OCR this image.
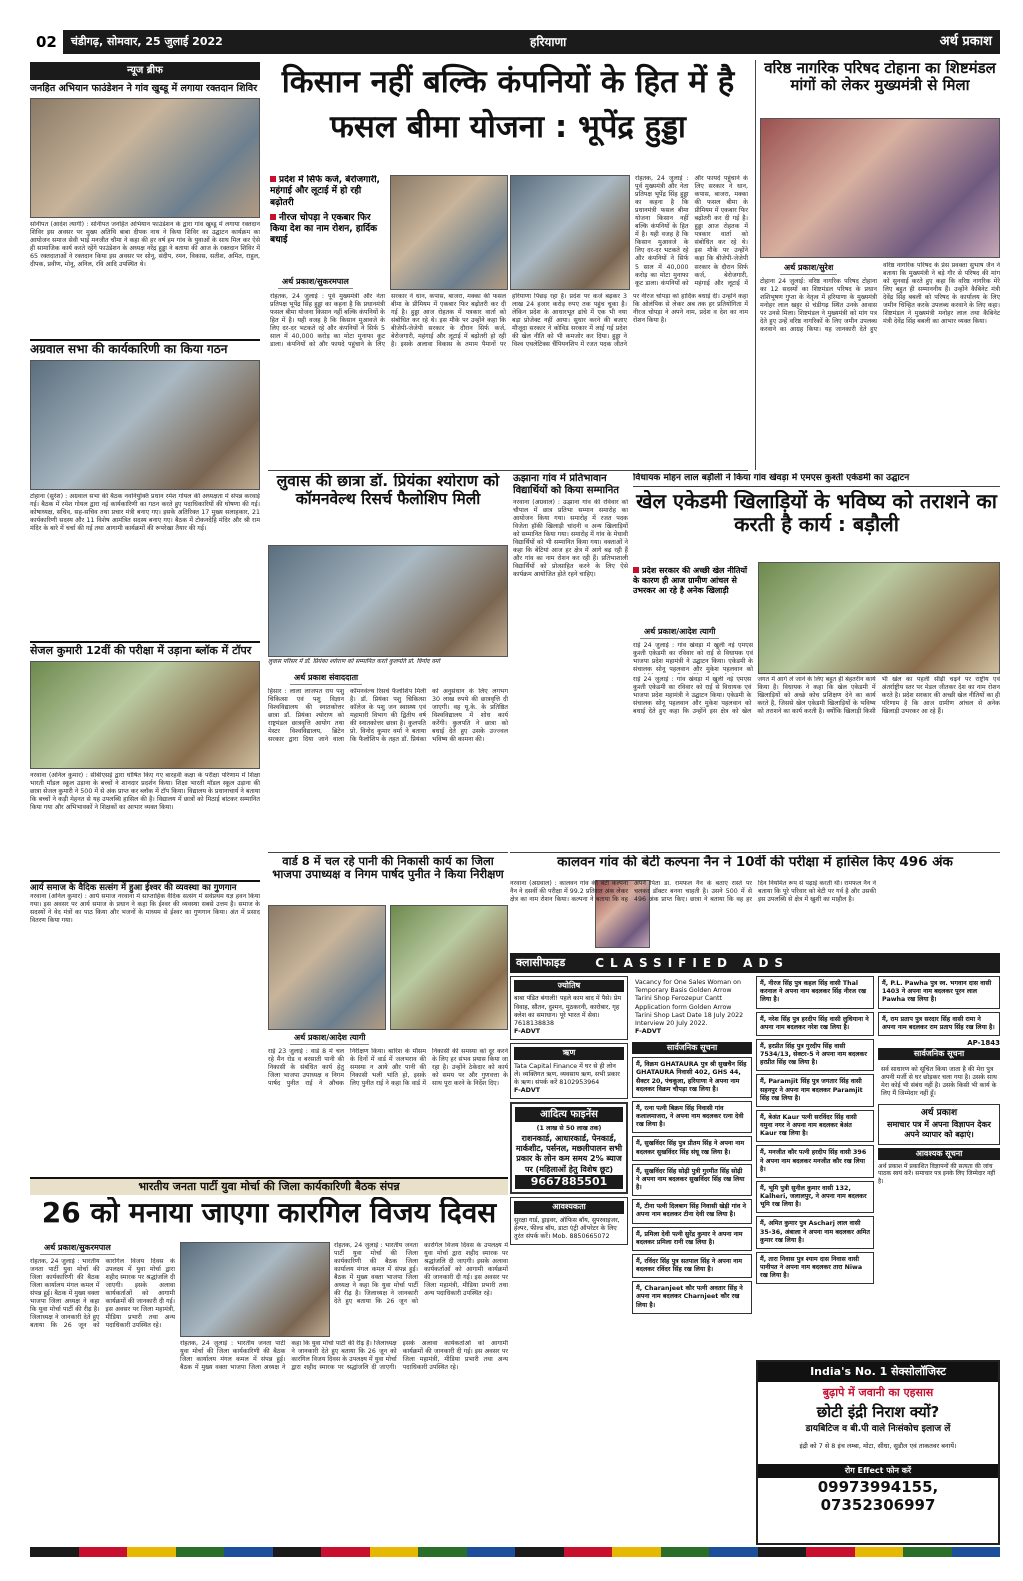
02	चंडीगढ़, सोमवार, 25 जुलाई 2022	हरियाणा	अर्थ प्रकाश
न्यूज ब्रीफ
जनहित अभियान फाउंडेशन ने गांव खुब्डू में लगाया रक्तदान शिविर
सोनीपत (आदेश त्यागी) : सोनीपत जनहित अभियान फाउंडेशन के द्वारा गांव खुब्डू में लगाया रक्तदान शिविर इस अवसर पर मुख्य अतिथि बाबा दीपक नाथ ने किया शिविर का उद्घाटन कार्यक्रम का आयोजन समाज सेवी भाई मनजीत चौमा ने कहा की हर वर्ष हम गांव के युवाओं के साथ मिल कर ऐसे ही सामाजिक कार्य करते रहेंगे फाउंडेशन के अध्यक्ष नरेंद्र हुड्डा ने बताया की आज के रक्तदान शिविर में 65 रक्तदाताओं ने रक्तदान किया इस अवसर पर सोनू, संदीप, रमन, विकास, सतीश, अमित, राहुल, दीपक, प्रवीण, मोनू, अनिल, रवि आदि उपस्थित थे।
अग्रवाल सभा की कार्यकारिणी का किया गठन
टोहाना (सुरेश) : अग्रवाल सभा की बैठक नवनियुक्ति प्रधान रमेश गोयल की अध्यक्षता में संपन्न करवाई गई। बैठक में रमेश गोयल द्वारा नई कार्यकारिणी का गठन करते हुए पदाधिकारियों की घोषणा की गई। कोषाध्यक्ष, सचिव, सह-सचिव तथा प्रचार मंत्री बनाए गए। इसके अतिरिक्त 17 मुख्य सलाहकार, 21 कार्यकारिणी सदस्य और 11 विशेष आमंत्रित सदस्य बनाए गए। बैठक में टोकनदेहि मंदिर और श्री राम मंदिर के बारे में चर्चा की गई तथा आगामी कार्यक्रमों की रूपरेखा तैयार की गई।
सेजल कुमारी 12वीं की परीक्षा में उड़ाना ब्लॉक में टॉपर
नरवाना (अनिल कुमार) : सीबीएसई द्वारा घोषित किए गए बारहवीं कक्षा के परीक्षा परिणाम में शिक्षा भारती मॉडल स्कूल उड़ाना के बच्चों ने शानदार प्रदर्शन किया। शिक्षा भारती मॉडल स्कूल उड़ाना की छात्रा सेजल कुमारी ने 500 में से अंक प्राप्त कर ब्लॉक में टॉप किया। विद्यालय के प्रधानाचार्य ने बताया कि बच्चों ने कड़ी मेहनत से यह उपलब्धि हासिल की है। विद्यालय में छात्रों को मिठाई बांटकर सम्मानित किया गया और अभिभावकों ने शिक्षकों का आभार व्यक्त किया।
आर्य समाज के वैदिक सत्संग में हुआ ईश्वर की व्यवस्था का गुणगान
नरवाना (अनिल कुमार) : आर्य समाज नरवाना में साप्ताहिक वैदिक सत्संग में सर्वप्रथम यज्ञ हवन किया गया। इस अवसर पर आर्य समाज के प्रधान ने कहा कि ईश्वर की व्यवस्था सबसे उत्तम है। समाज के सदस्यों ने वेद मंत्रों का पाठ किया और भजनों के माध्यम से ईश्वर का गुणगान किया। अंत में प्रसाद वितरण किया गया।
किसान नहीं बल्कि कंपनियों के हित में है फसल बीमा योजना : भूपेंद्र हुड्डा
प्रदेश में सिर्फ कर्ज, बेरोजगारी, महंगाई और लूटाई में हो रही बढ़ोतरी
नीरज चोपड़ा ने एकबार फिर किया देश का नाम रोशन, हार्दिक बधाई
अर्थ प्रकाश/सुकरमपाल
रोहतक, 24 जुलाई : पूर्व मुख्यमंत्री और नेता प्रतिपक्ष भूपेंद्र सिंह हुड्डा का कहना है कि प्रधानमंत्री फसल बीमा योजना किसान नहीं बल्कि कंपनियों के हित में है। यही वजह है कि किसान मुआवजे के लिए दर-दर भटकते रहे और कंपनियों ने सिर्फ 5 साल में 40,000 करोड़ का मोटा मुनाफा कूट डाला। कंपनियों को और फायदे पहुंचाने के लिए सरकार ने धान, कपास, बाजरा, मक्का की फसल बीमा के प्रीमियम में एकबार फिर बढ़ोतरी कर दी गई है। हुड्डा आज रोहतक में पत्रकार वार्ता को संबोधित कर रहे थे। इस मौके पर उन्होंने कहा कि बीजेपी-जेजेपी सरकार के दौरान सिर्फ कर्ज, बेरोजगारी, महंगाई और लूटाई में बढ़ोतरी हो रही है। इसके अलावा विकास के तमाम पैमानों पर हरियाणा पिछड़ रहा है। प्रदेश पर कर्ज बढ़कर 3 लाख 24 हजार करोड़ रुपए तक पहुंच चुका है। लेकिन प्रदेश के आधारभूत ढांचे में एक भी नया बड़ा प्रोजेक्ट नहीं आया। सुधार करने की बजाए मौजूदा सरकार ने कोविड सरकार में लाई गई प्रदेश की खेल नीति को भी कमजोर कर दिया। हुड्डा ने विश्व एथलेटिक्स चैंपियनशिप में रजत पदक जीतने पर नीरज चोपड़ा को हार्दिक बधाई दी। उन्होंने कहा कि ओलंपिक से लेकर अब तक हर प्रतियोगिता में नीरज चोपड़ा ने अपने नाम, प्रदेश व देश का नाम रोशन किया है।
रोहतक, 24 जुलाई : पूर्व मुख्यमंत्री और नेता प्रतिपक्ष भूपेंद्र सिंह हुड्डा का कहना है कि प्रधानमंत्री फसल बीमा योजना किसान नहीं बल्कि कंपनियों के हित में है। यही वजह है कि किसान मुआवजे के लिए दर-दर भटकते रहे और कंपनियों ने सिर्फ 5 साल में 40,000 करोड़ का मोटा मुनाफा कूट डाला। कंपनियों को और फायदे पहुंचाने के लिए सरकार ने धान, कपास, बाजरा, मक्का की फसल बीमा के प्रीमियम में एकबार फिर बढ़ोतरी कर दी गई है। हुड्डा आज रोहतक में पत्रकार वार्ता को संबोधित कर रहे थे। इस मौके पर उन्होंने कहा कि बीजेपी-जेजेपी सरकार के दौरान सिर्फ कर्ज, बेरोजगारी, महंगाई और लूटाई में
वरिष्ठ नागरिक परिषद टोहाना का शिष्टमंडल मांगों को लेकर मुख्यमंत्री से मिला
अर्थ प्रकाश/सुरेश
टोहाना 24 जुलाई: वरिष्ठ नागरिक परिषद टोहाना का 12 सदस्यों का शिष्टमंडल परिषद के प्रधान शशिभूषण गुप्ता के नेतृत्व में हरियाणा के मुख्यमंत्री मनोहर लाल खट्टर से चंडीगढ़ स्थित उनके आवास पर उनसे मिला। शिष्टमंडल ने मुख्यमंत्री को मांग पत्र देते हुए उन्हें वरिष्ठ नागरिकों के लिए जमीन उपलब्ध करवाने का आग्रह किया। यह जानकारी देते हुए वरिष्ठ नागरिक परिषद के प्रेस प्रवक्ता सुभाष जैन ने बताया कि मुख्यमंत्री ने बड़े गौर से परिषद की मांग को सुनवाई करते हुए कहा कि वरिष्ठ नागरिक मेरे लिए बहुत ही सम्माननीय हैं। उन्होंने कैबिनेट मंत्री देवेंद्र सिंह बबली को परिषद के कार्यालय के लिए जमीन चिन्हित करके उपलब्ध करवाने के लिए कहा। शिष्टमंडल ने मुख्यमंत्री मनोहर लाल तथा कैबिनेट मंत्री देवेंद्र सिंह बबली का आभार व्यक्त किया।
लुवास की छात्रा डॉ. प्रियंका श्योराण को कॉमनवेल्थ रिसर्च फैलोशिप मिली
लुवास परिसर में डॉ. प्रियंका श्योराण को सम्मानित करते कुलपति प्रो. विनोद वर्मा
अर्थ प्रकाश संवाददाता
हिसार : लाला लाजपत राय पशु चिकित्सा एवं पशु विज्ञान विश्वविद्यालय की स्नातकोत्तर छात्रा डॉ. प्रियंका श्योराण को राष्ट्रमंडल छात्रवृत्ति आयोग तथा मेस्टर विश्वविद्यालय, ब्रिटेन सरकार द्वारा दिया जाने वाला कॉमनवेल्थ रिसर्च फैलोशिप मिली है। डॉ. प्रियंका पशु चिकित्सा कॉलेज के पशु जन स्वास्थ्य एवं महामारी विभाग की द्वितीय वर्ष की स्नातकोत्तर छात्रा है। कुलपति प्रो. विनोद कुमार वर्मा ने बताया कि फैलोशिप के तहत डॉ. प्रियंका को अनुसंधान के लिए लगभग 30 लाख रुपये की छात्रवृत्ति दी जाएगी। वह यू.के. के प्रतिष्ठित विश्वविद्यालय में शोध कार्य करेंगी। कुलपति ने छात्रा को बधाई देते हुए उसके उज्ज्वल भविष्य की कामना की।
ऊझाना गांव में प्रतिभावान विद्यार्थियों को किया सम्मानित
नरवाना (अग्रवाल) : ऊझाना गांव की रविवार को चौपाल में छात्र प्रतिभा सम्मान समारोह का आयोजन किया गया। समारोह में रजत पदक विजेता हॉकी खिलाड़ी चांदनी व अन्य खिलाड़ियों को सम्मानित किया गया। समारोह में गांव के मेधावी विद्यार्थियों को भी सम्मानित किया गया। वक्ताओं ने कहा कि बेटियां आज हर क्षेत्र में आगे बढ़ रही हैं और गांव का नाम रोशन कर रही हैं। प्रतिभाशाली विद्यार्थियों को प्रोत्साहित करने के लिए ऐसे कार्यक्रम आयोजित होते रहने चाहिए।
विधायक मोहन लाल बड़ौली ने किया गांव खेवड़ा में एमएस कुश्ती एकेडमी का उद्घाटन
खेल एकेडमी खिलाड़ियों के भविष्य को तराशने का करती है कार्य : बड़ौली
प्रदेश सरकार की अच्छी खेल नीतियों के कारण ही आज ग्रामीण आंचल से उभरकर आ रहे है अनेक खिलाड़ी
अर्थ प्रकाश/आदेश त्यागी
राई 24 जुलाई : गांव खेवड़ा में खुली नई एमएस कुश्ती एकेडमी का रविवार को राई से विधायक एवं भाजपा प्रदेश महामंत्री ने उद्घाटन किया। एकेडमी के संचालक सोनू पहलवान और मुकेश पहलवान को बधाई देते हुए कहा कि उन्होंने इस क्षेत्र को खेल जगत में आगे ले जाने के लिए बहुत ही बेहतरीन कार्य किया है। विधायक ने कहा कि खेल एकेडमी में खिलाड़ियों को अच्छे कोच प्रशिक्षण देने का कार्य करते है, जिससे खेल एकेडमी खिलाड़ियों के भविष्य को तराशने का कार्य करती है। क्योंकि खिलाड़ी किसी भी खेल का पहली सीढ़ी चढ़ने पर राष्ट्रीय एवं अंतर्राष्ट्रीय स्तर पर मेडल जीतकर देश का नाम रोशन करते है। प्रदेश सरकार की अच्छी खेल नीतियों का ही परिणाम है कि आज ग्रामीण आंचल से अनेक खिलाड़ी उभरकर आ रहे हैं।
राई 24 जुलाई : गांव खेवड़ा में खुली नई एमएस कुश्ती एकेडमी का रविवार को राई से विधायक एवं भाजपा प्रदेश महामंत्री ने उद्घाटन किया। एकेडमी के संचालक सोनू पहलवान और मुकेश पहलवान को
वार्ड 8 में चल रहे पानी की निकासी कार्य का जिला भाजपा उपाध्यक्ष व निगम पार्षद पुनीत ने किया निरीक्षण
अर्थ प्रकाश/आदेश त्यागी
राई 23 जुलाई : वार्ड 8 में चल रहे मैन रोड व बरसाती पानी की निकासी के संबंधित कार्य हेतु जिला भाजपा उपाध्यक्ष व निगम पार्षद पुनीत राई ने औचक निरीक्षण किया। बारिश के मौसम के दिनों में वार्ड में जलभराव की समस्या न आये और पानी की निकासी भली भांति हो, इसके लिए पुनीत राई ने कहा कि वार्ड में निकासी की समस्या को दूर करने के लिए हर संभव प्रयास किया जा रहा है। उन्होंने ठेकेदार को कार्य को समय पर और गुणवत्ता के साथ पूरा करने के निर्देश दिए।
कालवन गांव की बेटी कल्पना नैन ने 10वीं की परीक्षा में हासिल किए 496 अंक
नरवाना (अग्रवाल) : कालवन गांव की बेटी कल्पना नैन ने दसवीं की परीक्षा में 99.2 प्रतिशत अंक लेकर क्षेत्र का नाम रोशन किया। कल्पना ने बताया कि वह अपने पिता डा. रामफल नैन के बताए रास्ते पर चलकर डॉक्टर बनना चाहती है। उसने 500 में से 496 अंक प्राप्त किए। छात्रा ने बताया कि वह हर दिन नियमित रूप से पढ़ाई करती थी। रामफल नैन ने बताया कि पूरे परिवार को बेटी पर गर्व है और उसकी इस उपलब्धि से क्षेत्र में खुशी का माहौल है।
क्लासीफाइड	CLASSIFIED ADS
ज्योतिष
बाबा पंडित बंगाली! पहले काम बाद में पैसे। प्रेम विवाह, सौतन, दुश्मन, मुठकरनी, कारोबार, गृह क्लेश का समाधान। पूरे भारत में सेवा। 7618138838
F-ADVT
ऋण
Tata Capital Finance में घर से ही लोन लें। व्यक्तिगत ऋण, व्यवसाय ऋण, सभी प्रकार के ऋण। संपर्क करें 8102953964
F-ADVT
आदित्य फाइनेंस
(1 लाख से 50 लाख तक)
राशनकार्ड, आधारकार्ड, पेनकार्ड, मार्कशीट, पर्सनल, मछलीपालन सभी प्रकार के लोन कम समय 2% ब्याज पर (महिलाओं हेतु विशेष छूट)
9667885501
आवश्यकता
सुरक्षा गार्ड, ड्राइवर, ऑफिस बॉय, सुपरवाइजर, हेल्पर, फील्ड बॉय, डाटा एंट्री ऑपरेटर के लिए तुरंत संपर्क करें। Mob. 8850665072
Vacancy for One Sales Woman on Temporary Basis Golden Arrow Tarini Shop Ferozepur Cantt Application form Golden Arrow Tarini Shop Last Date 18 July 2022 Interview 20 July 2022.
F-ADVT
सार्वजनिक सूचना
मैं, विक्रम GHATAURA पुत्र श्री सुखचैन सिंह GHATAURA निवासी 402, GHS 44, सैक्टर 20, पंचकूला, हरियाणा ने अपना नाम बदलकर विक्रम चौपड़ा रख लिया है।
मैं, रत्ना पत्नी बिक्रम सिंह निवासी गांव कलालमाजरा, ने अपना नाम बदलकर रत्ना देवी रख लिया है।
मैं, सुखविंदर सिंह पुत्र प्रीतम सिंह ने अपना नाम बदलकर सुखविंदर सिंह संधू रख लिया है।
मैं, सुखविंदर सिंह सोढ़ी पुत्री गुरमीत सिंह सोढ़ी ने अपना नाम बदलकर सुखविंदर सिंह रख लिया है।
मैं, टीना पत्नी दिलबाग सिंह निवासी खेड़ी गांव ने अपना नाम बदलकर टीना देवी रख लिया है।
मैं, प्रमिला देवी पत्नी सुरेंद्र कुमार ने अपना नाम बदलकर प्रमिला रानी रख लिया है।
मैं, रविंदर सिंह पुत्र सतपाल सिंह ने अपना नाम बदलकर रविंदर सिंह रख लिया है।
मैं, Charanjeet कौर पत्नी अवतार सिंह ने अपना नाम बदलकर Charnjeet कौर रख लिया है।
मैं, नीरज सिंह पुत्र कहल सिंह वासी Thal करनाल ने अपना नाम बदलकर सिंह नीरज रख लिया है।
मैं, नरेश सिंह पुत्र हरदीप सिंह वासी लुधियाना ने अपना नाम बदलकर नरेश रख लिया है।
मैं, हरप्रीत सिंह पुत्र गुरदीप सिंह वासी 7534/13, सेक्टर-5 ने अपना नाम बदलकर हरप्रीत सिंह रख लिया है।
मैं, Paramjit सिंह पुत्र जगतार सिंह वासी सहनपुर ने अपना नाम बदलकर Paramjit सिंह रख लिया है।
मैं, बेअंत Kaur पत्नी सरविंदर सिंह वासी यमुना नगर ने अपना नाम बदलकर बेअंत Kaur रख लिया है।
मैं, मनजीत कौर पत्नी हरदीप सिंह वासी 396 ने अपना नाम बदलकर मनजीत कौर रख लिया है।
मैं, भूमि पुत्री सुनील कुमार वासी 132, Kalheri, जलालपुर, ने अपना नाम बदलकर भूमि रख लिया है।
मैं, अमित कुमार पुत्र Ascharj लाल वासी 35-36, अंबाला ने अपना नाम बदलकर अमित कुमार रख लिया है।
मैं, तारा निवास पुत्र श्याम दास निवास वासी पानीपत ने अपना नाम बदलकर तारा Niwa रख लिया है।
मैं, P.L. Pawha पुत्र स्व. भगवान दास वासी 1403 ने अपना नाम बदलकर पूरन लाल Pawha रख लिया है।
मैं, राम प्रताप पुत्र सरदार सिंह वासी रामा ने अपना नाम बदलकर राम प्रताप सिंह रख लिया है।
AP-1843
सार्वजनिक सूचना
सर्व साधारण को सूचित किया जाता है की मेरा पुत्र अपनी मर्जी से घर छोड़कर चला गया है। उसके साथ मेरा कोई भी संबंध नहीं है। उसके किसी भी कार्य के लिए मैं जिम्मेदार नहीं हूँ।
अर्थ प्रकाश
समाचार पत्र में अपना विज्ञापन देकर अपने व्यापार को बढ़ाएं।
आवश्यक सूचना
अर्थ प्रकाश में प्रकाशित विज्ञापनों की सत्यता की जांच पाठक स्वयं करें। समाचार पत्र इनके लिए जिम्मेदार नहीं है।
India's No. 1 सेक्सोलॉजिस्ट
बुढ़ापे में जवानी का एहसास
छोटी इंद्री निराश क्यों?
डायबिटिज व बी.पी वाले निःसंकोच इलाज लें
इंद्री को 7 से 8 इंच लम्बा, मोटा, सीधा, सुडौल एवं ताकतवर बनायें।
रोग Effect फोन करें
09973994155, 07352306997
भारतीय जनता पार्टी युवा मोर्चा की जिला कार्यकारिणी बैठक संपन्न
26 को मनाया जाएगा कारगिल विजय दिवस
अर्थ प्रकाश/सुकरमपाल
रोहतक, 24 जुलाई : भारतीय जनता पार्टी युवा मोर्चा की जिला कार्यकारिणी की बैठक जिला कार्यालय मंगल कमल में संपन्न हुई। बैठक में मुख्य वक्ता भाजपा जिला अध्यक्ष ने कहा कि युवा मोर्चा पार्टी की रीढ़ है। जिलाध्यक्ष ने जानकारी देते हुए बताया कि 26 जून को कारगिल विजय दिवस के उपलक्ष्य में युवा मोर्चा द्वारा शहीद स्मारक पर श्रद्धांजलि दी जाएगी। इसके अलावा कार्यकर्ताओं को आगामी कार्यक्रमों की जानकारी दी गई। इस अवसर पर जिला महामंत्री, मीडिया प्रभारी तथा अन्य पदाधिकारी उपस्थित रहे।
रोहतक, 24 जुलाई : भारतीय जनता पार्टी युवा मोर्चा की जिला कार्यकारिणी की बैठक जिला कार्यालय मंगल कमल में संपन्न हुई। बैठक में मुख्य वक्ता भाजपा जिला अध्यक्ष ने कहा कि युवा मोर्चा पार्टी की रीढ़ है। जिलाध्यक्ष ने जानकारी देते हुए बताया कि 26 जून को कारगिल विजय दिवस के उपलक्ष्य में युवा मोर्चा द्वारा शहीद स्मारक पर श्रद्धांजलि दी जाएगी। इसके अलावा कार्यकर्ताओं को आगामी कार्यक्रमों की जानकारी दी गई। इस अवसर पर जिला महामंत्री, मीडिया प्रभारी तथा अन्य पदाधिकारी उपस्थित रहे।
रोहतक, 24 जुलाई : भारतीय जनता पार्टी युवा मोर्चा की जिला कार्यकारिणी की बैठक जिला कार्यालय मंगल कमल में संपन्न हुई। बैठक में मुख्य वक्ता भाजपा जिला अध्यक्ष ने कहा कि युवा मोर्चा पार्टी की रीढ़ है। जिलाध्यक्ष ने जानकारी देते हुए बताया कि 26 जून को कारगिल विजय दिवस के उपलक्ष्य में युवा मोर्चा द्वारा शहीद स्मारक पर श्रद्धांजलि दी जाएगी। इसके अलावा कार्यकर्ताओं को आगामी कार्यक्रमों की जानकारी दी गई। इस अवसर पर जिला महामंत्री, मीडिया प्रभारी तथा अन्य पदाधिकारी उपस्थित रहे।
